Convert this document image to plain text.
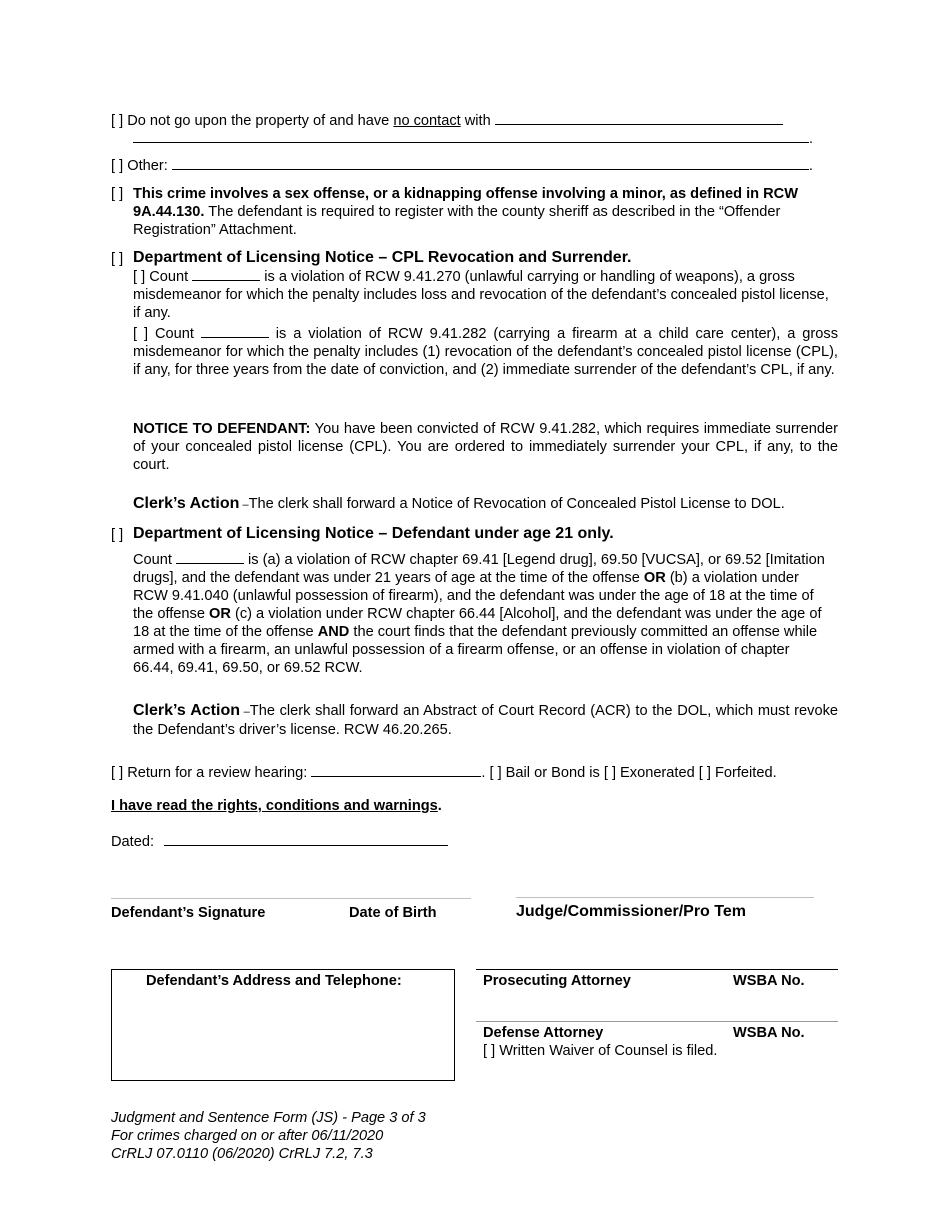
[ ] Do not go upon the property of and have no contact with
.
[ ] Other:	.
[ ] This crime involves a sex offense, or a kidnapping offense involving a minor, as defined in RCW 9A.44.130. The defendant is required to register with the county sheriff as described in the “Offender Registration” Attachment.
[ ] Department of Licensing Notice – CPL Revocation and Surrender.
[ ] Count	is a violation of RCW 9.41.270 (unlawful carrying or handling of weapons), a gross misdemeanor for which the penalty includes loss and revocation of the defendant’s concealed pistol license, if any.
[ ] Count	is a violation of RCW 9.41.282 (carrying a firearm at a child care center), a gross misdemeanor for which the penalty includes (1) revocation of the defendant’s concealed pistol license (CPL), if any, for three years from the date of conviction, and (2) immediate surrender of the defendant’s CPL, if any.
NOTICE TO DEFENDANT: You have been convicted of RCW 9.41.282, which requires immediate surrender of your concealed pistol license (CPL). You are ordered to immediately surrender your CPL, if any, to the court.
Clerk’s Action –The clerk shall forward a Notice of Revocation of Concealed Pistol License to DOL.
[ ] Department of Licensing Notice – Defendant under age 21 only.
Count	is (a) a violation of RCW chapter 69.41 [Legend drug], 69.50 [VUCSA], or 69.52 [Imitation drugs], and the defendant was under 21 years of age at the time of the offense OR (b) a violation under RCW 9.41.040 (unlawful possession of firearm), and the defendant was under the age of 18 at the time of the offense OR (c) a violation under RCW chapter 66.44 [Alcohol], and the defendant was under the age of 18 at the time of the offense AND the court finds that the defendant previously committed an offense while armed with a firearm, an unlawful possession of a firearm offense, or an offense in violation of chapter 66.44, 69.41, 69.50, or 69.52 RCW.
Clerk’s Action –The clerk shall forward an Abstract of Court Record (ACR) to the DOL, which must revoke the Defendant’s driver’s license. RCW 46.20.265.
[ ] Return for a review hearing:	. [ ] Bail or Bond is [ ] Exonerated [ ] Forfeited.
I have read the rights, conditions and warnings.
Dated:
Defendant’s Signature	Date of Birth	Judge/Commissioner/Pro Tem
Defendant’s Address and Telephone:	Prosecuting Attorney	WSBA No.
Defense Attorney	WSBA No.
[ ] Written Waiver of Counsel is filed.
Judgment and Sentence Form (JS) - Page 3 of 3
For crimes charged on or after 06/11/2020
CrRLJ 07.0110 (06/2020) CrRLJ 7.2, 7.3
